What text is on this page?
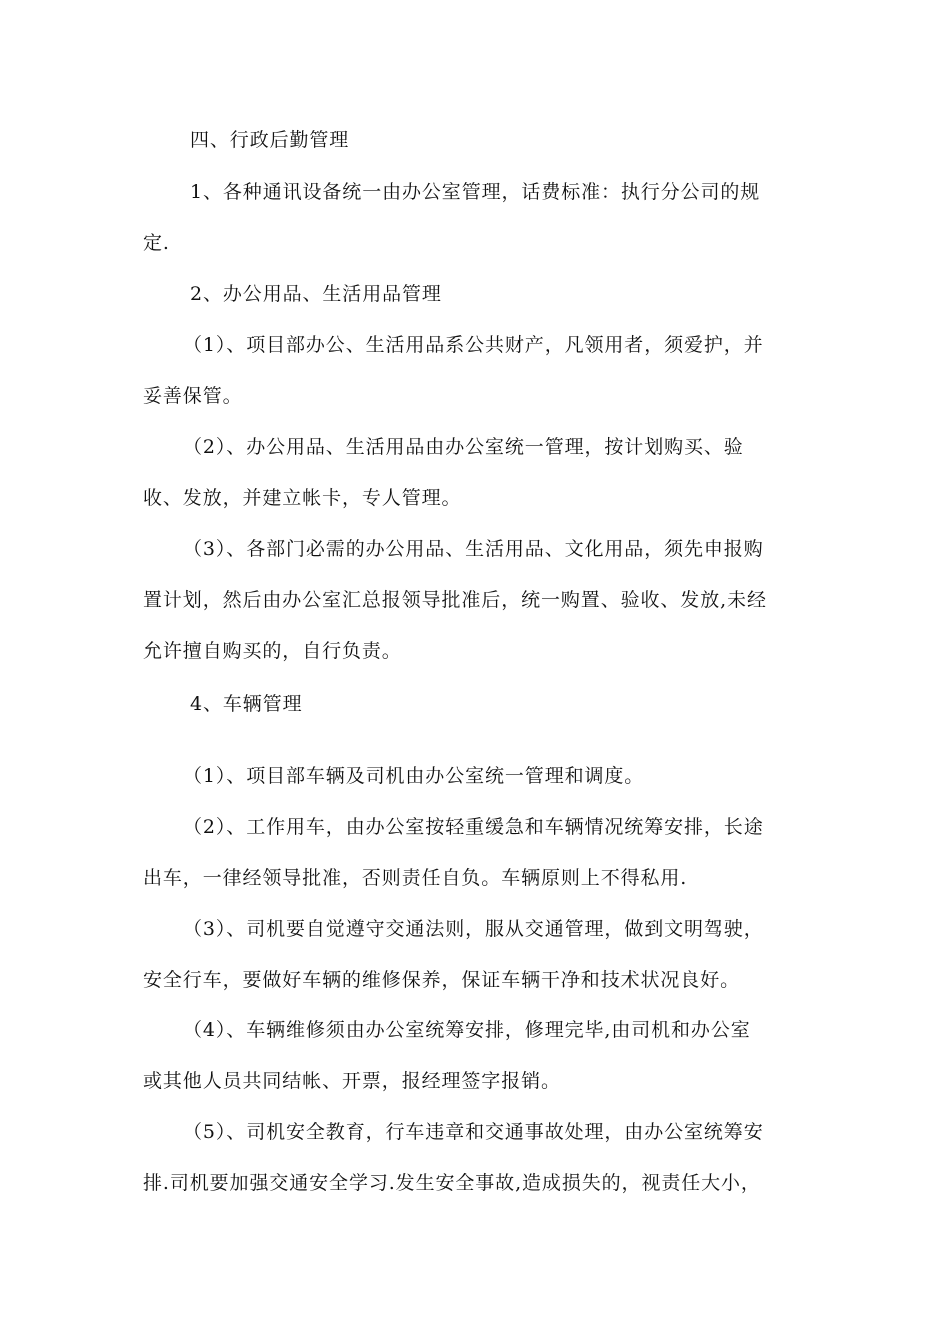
四、行政后勤管理
1、各种通讯设备统一由办公室管理，话费标准：执行分公司的规
定.
2、办公用品、生活用品管理
（1）、项目部办公、生活用品系公共财产，凡领用者，须爱护，并
妥善保管。
（2）、办公用品、生活用品由办公室统一管理，按计划购买、验
收、发放，并建立帐卡，专人管理。
（3）、各部门必需的办公用品、生活用品、文化用品，须先申报购
置计划，然后由办公室汇总报领导批准后，统一购置、验收、发放,未经
允许擅自购买的，自行负责。
4、车辆管理
（1）、项目部车辆及司机由办公室统一管理和调度。
（2）、工作用车，由办公室按轻重缓急和车辆情况统筹安排，长途
出车，一律经领导批准，否则责任自负。车辆原则上不得私用.
（3）、司机要自觉遵守交通法则，服从交通管理，做到文明驾驶，
安全行车，要做好车辆的维修保养，保证车辆干净和技术状况良好。
（4）、车辆维修须由办公室统筹安排，修理完毕,由司机和办公室
或其他人员共同结帐、开票，报经理签字报销。
（5）、司机安全教育，行车违章和交通事故处理，由办公室统筹安
排.司机要加强交通安全学习.发生安全事故,造成损失的，视责任大小，
